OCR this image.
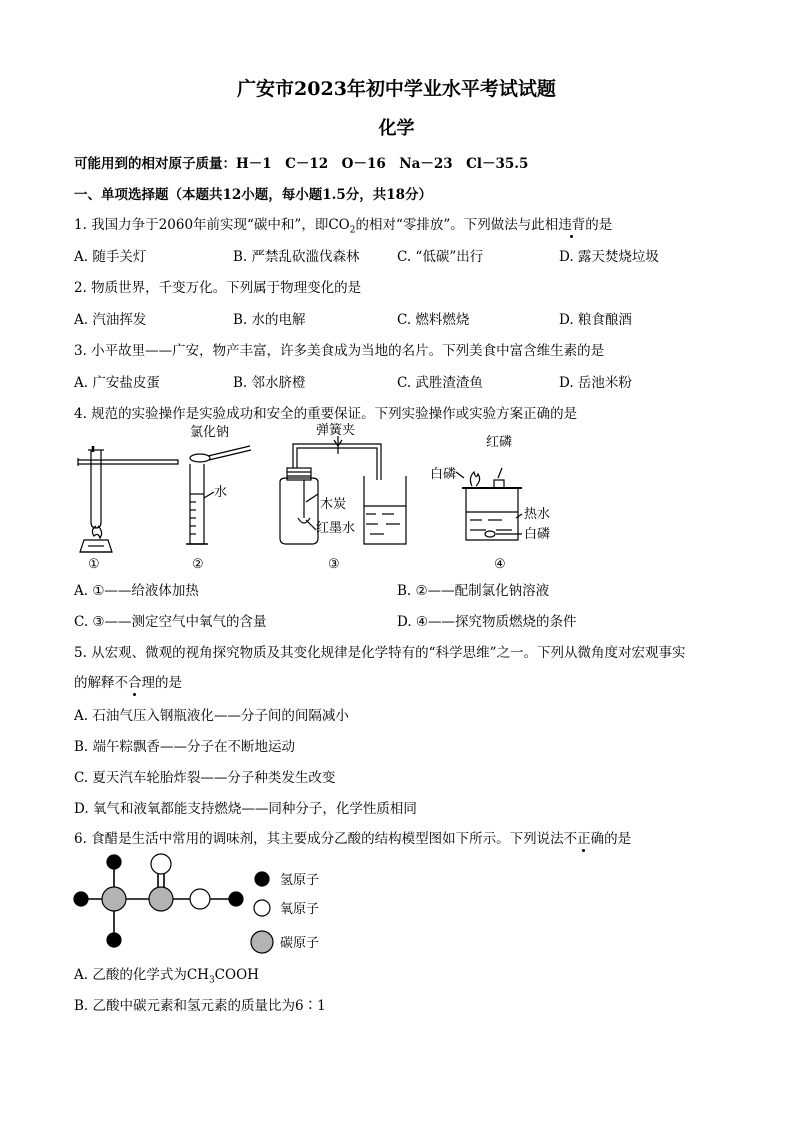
广安市2023年初中学业水平考试试题
化学
可能用到的相对原子质量：H－1　C－12　O－16　Na－23　Cl－35.5
一、单项选择题（本题共12小题，每小题1.5分，共18分）
1. 我国力争于2060年前实现“碳中和”，即$CO_2$的相对“零排放”。下列做法与此相违背的是
A. 随手关灯	B. 严禁乱砍滥伐森林	C. “低碳”出行	D. 露天焚烧垃圾
2. 物质世界，千变万化。下列属于物理变化的是
A. 汽油挥发	B. 水的电解	C. 燃料燃烧	D. 粮食酿酒
3. 小平故里——广安，物产丰富，许多美食成为当地的名片。下列美食中富含维生素的是
A. 广安盐皮蛋	B. 邻水脐橙	C. 武胜渣渣鱼	D. 岳池米粉
4. 规范的实验操作是实验成功和安全的重要保证。下列实验操作或实验方案正确的是
氯化钠
水
弹簧夹
木炭
红墨水
白磷
红磷
热水
白磷
①	②	③	④
A. ①——给液体加热	B. ②——配制氯化钠溶液
C. ③——测定空气中氧气的含量	D. ④——探究物质燃烧的条件
5. 从宏观、微观的视角探究物质及其变化规律是化学特有的“科学思维”之一。下列从微角度对宏观事实
的解释不合理的是
A. 石油气压入钢瓶液化——分子间的间隔减小
B. 端午粽飘香——分子在不断地运动
C. 夏天汽车轮胎炸裂——分子种类发生改变
D. 氧气和液氧都能支持燃烧——同种分子，化学性质相同
6. 食醋是生活中常用的调味剂，其主要成分乙酸的结构模型图如下所示。下列说法不正确的是
氢原子
氧原子
碳原子
A. 乙酸的化学式为$CH_3COOH$
B. 乙酸中碳元素和氢元素的质量比为6∶1
